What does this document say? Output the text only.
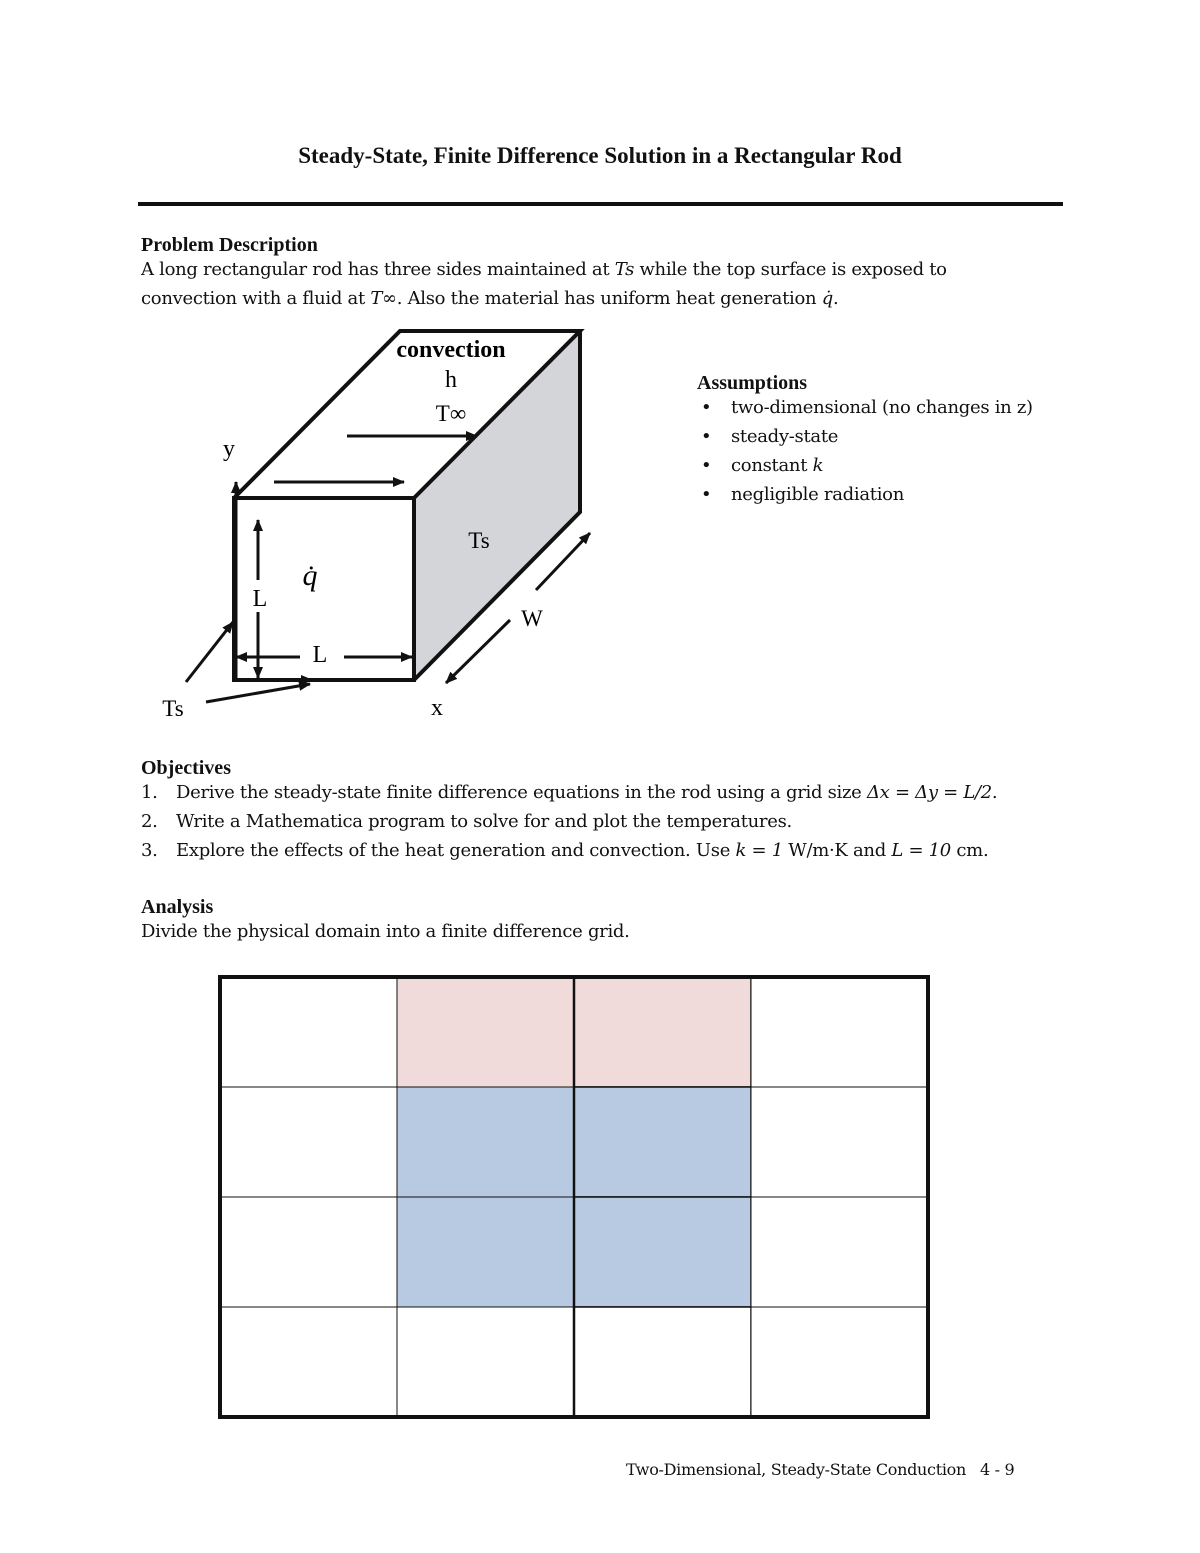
Steady-State, Finite Difference Solution in a Rectangular Rod
Problem Description
A long rectangular rod has three sides maintained at Ts while the top surface is exposed to
convection with a fluid at T∞. Also the material has uniform heat generation q̇.
convection
h
T∞
y
Ts
q̇
L
L
W
Ts	x
Assumptions
• two-dimensional (no changes in z)
• steady-state
• constant k
• negligible radiation
Objectives
1. Derive the steady-state finite difference equations in the rod using a grid size Δx = Δy = L/2.
2. Write a Mathematica program to solve for and plot the temperatures.
3. Explore the effects of the heat generation and convection. Use k = 1 W/m·K and L = 10 cm.
Analysis
Divide the physical domain into a finite difference grid.
Two-Dimensional, Steady-State Conduction 4 - 9
